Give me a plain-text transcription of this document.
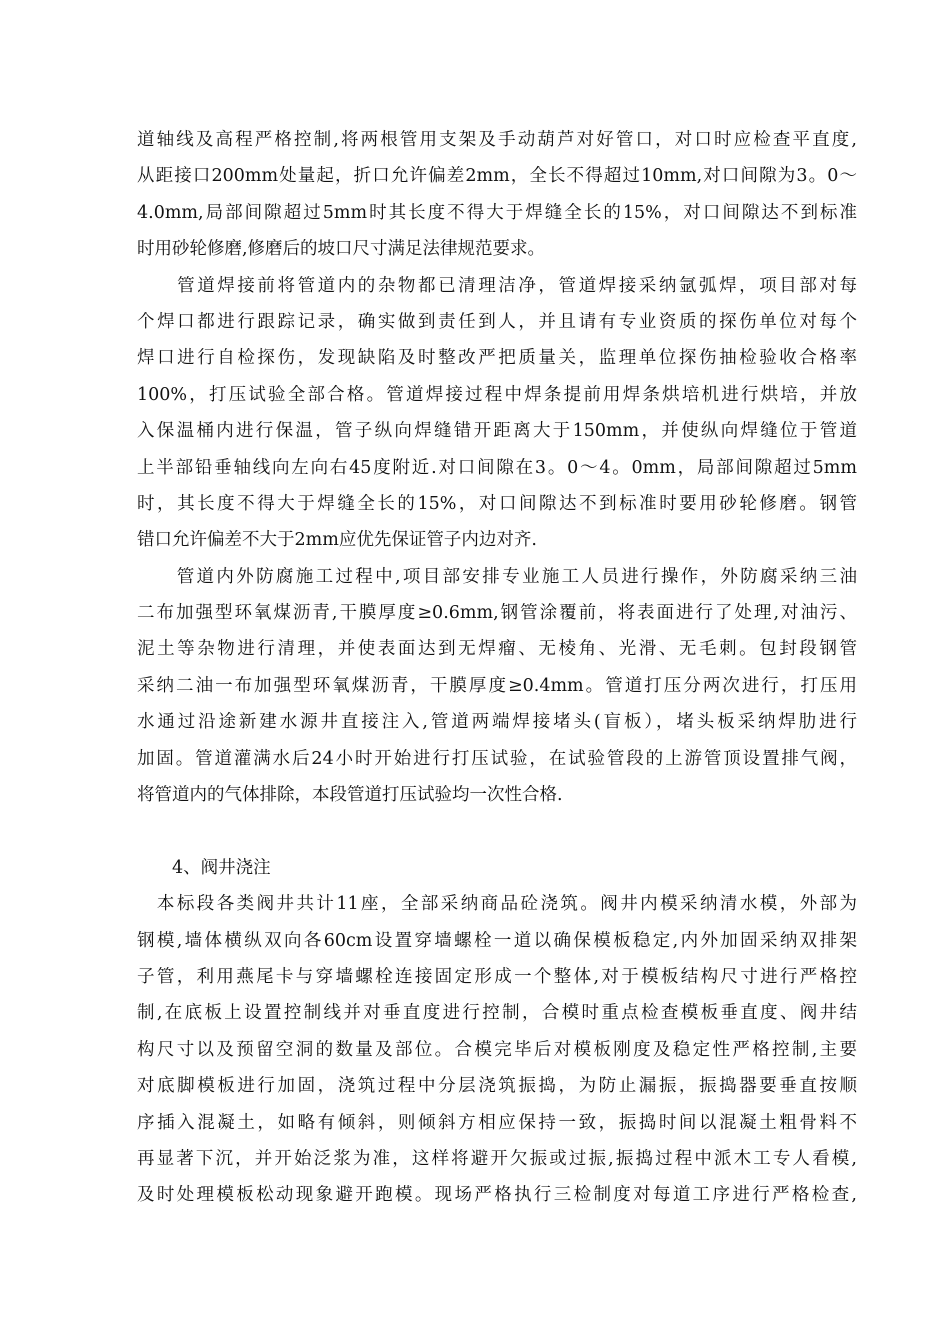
道轴线及高程严格控制,将两根管用支架及手动葫芦对好管口，对口时应检查平直度,
从距接口200mm处量起，折口允许偏差2mm，全长不得超过10mm,对口间隙为3。0～
4.0mm,局部间隙超过5mm时其长度不得大于焊缝全长的15%，对口间隙达不到标准
时用砂轮修磨,修磨后的坡口尺寸满足法律规范要求。
　　管道焊接前将管道内的杂物都已清理洁净，管道焊接采纳氩弧焊，项目部对每
个焊口都进行跟踪记录，确实做到责任到人，并且请有专业资质的探伤单位对每个
焊口进行自检探伤，发现缺陷及时整改严把质量关，监理单位探伤抽检验收合格率
100%，打压试验全部合格。管道焊接过程中焊条提前用焊条烘培机进行烘培，并放
入保温桶内进行保温，管子纵向焊缝错开距离大于150mm，并使纵向焊缝位于管道
上半部铅垂轴线向左向右45度附近.对口间隙在3。0～4。0mm，局部间隙超过5mm
时，其长度不得大于焊缝全长的15%，对口间隙达不到标准时要用砂轮修磨。钢管
错口允许偏差不大于2mm应优先保证管子内边对齐.
　　管道内外防腐施工过程中,项目部安排专业施工人员进行操作，外防腐采纳三油
二布加强型环氧煤沥青,干膜厚度≥0.6mm,钢管涂覆前，将表面进行了处理,对油污、
泥土等杂物进行清理，并使表面达到无焊瘤、无棱角、光滑、无毛刺。包封段钢管
采纳二油一布加强型环氧煤沥青，干膜厚度≥0.4mm。管道打压分两次进行，打压用
水通过沿途新建水源井直接注入,管道两端焊接堵头(盲板），堵头板采纳焊肋进行
加固。管道灌满水后24小时开始进行打压试验，在试验管段的上游管顶设置排气阀，
将管道内的气体排除，本段管道打压试验均一次性合格.
　　4、阀井浇注
　本标段各类阀井共计11座，全部采纳商品砼浇筑。阀井内模采纳清水模，外部为
钢模,墙体横纵双向各60cm设置穿墙螺栓一道以确保模板稳定,内外加固采纳双排架
子管，利用燕尾卡与穿墙螺栓连接固定形成一个整体,对于模板结构尺寸进行严格控
制,在底板上设置控制线并对垂直度进行控制，合模时重点检查模板垂直度、阀井结
构尺寸以及预留空洞的数量及部位。合模完毕后对模板刚度及稳定性严格控制,主要
对底脚模板进行加固，浇筑过程中分层浇筑振捣，为防止漏振，振捣器要垂直按顺
序插入混凝土，如略有倾斜，则倾斜方相应保持一致，振捣时间以混凝土粗骨料不
再显著下沉，并开始泛浆为准，这样将避开欠振或过振,振捣过程中派木工专人看模,
及时处理模板松动现象避开跑模。现场严格执行三检制度对每道工序进行严格检查,
